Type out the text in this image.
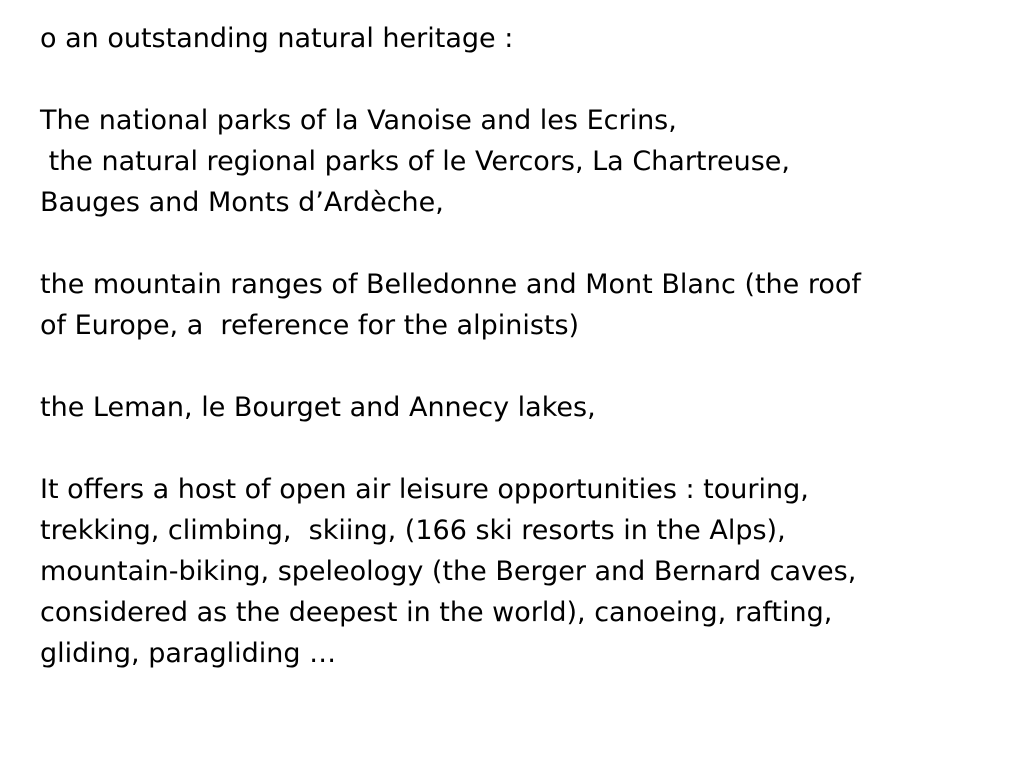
o an outstanding natural heritage :
The national parks of la Vanoise and les Ecrins,
the natural regional parks of le Vercors, La Chartreuse,
Bauges and Monts d’Ardèche,
the mountain ranges of Belledonne and Mont Blanc (the roof
of Europe, a  reference for the alpinists)
the Leman, le Bourget and Annecy lakes,
It offers a host of open air leisure opportunities : touring,
trekking, climbing,  skiing, (166 ski resorts in the Alps),
mountain-biking, speleology (the Berger and Bernard caves,
considered as the deepest in the world), canoeing, rafting,
gliding, paragliding …
